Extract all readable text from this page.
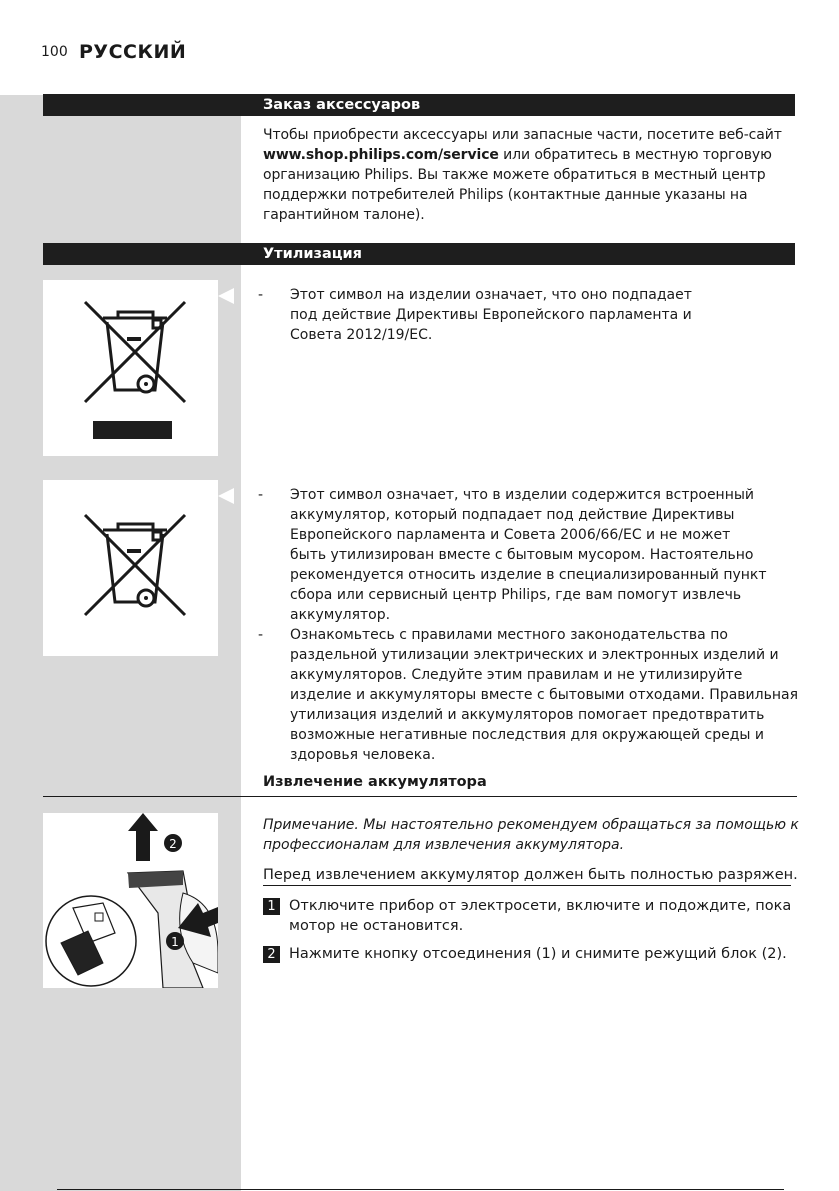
100 РУССКИЙ
Заказ аксессуаров
Чтобы приобрести аксессуары или запасные части, посетите веб-сайт www.shop.philips.com/service или обратитесь в местную торговую организацию Philips. Вы также можете обратиться в местный центр поддержки потребителей Philips (контактные данные указаны на гарантийном талоне).
Утилизация
- Этот символ на изделии означает, что оно подпадает под действие Директивы Европейского парламента и Совета 2012/19/EC.
- Этот символ означает, что в изделии содержится встроенный аккумулятор, который подпадает под действие Директивы Европейского парламента и Совета 2006/66/EC и не может быть утилизирован вместе с бытовым мусором. Настоятельно рекомендуется относить изделие в специализированный пункт сбора или сервисный центр Philips, где вам помогут извлечь аккумулятор.
- Ознакомьтесь с правилами местного законодательства по раздельной утилизации электрических и электронных изделий и аккумуляторов. Следуйте этим правилам и не утилизируйте изделие и аккумуляторы вместе с бытовыми отходами. Правильная утилизация изделий и аккумуляторов помогает предотвратить возможные негативные последствия для окружающей среды и здоровья человека.
Извлечение аккумулятора
2
1
Примечание. Мы настоятельно рекомендуем обращаться за помощью к профессионалам для извлечения аккумулятора.
Перед извлечением аккумулятор должен быть полностью разряжен.
1 Отключите прибор от электросети, включите и подождите, пока мотор не остановится.
2 Нажмите кнопку отсоединения (1) и снимите режущий блок (2).
